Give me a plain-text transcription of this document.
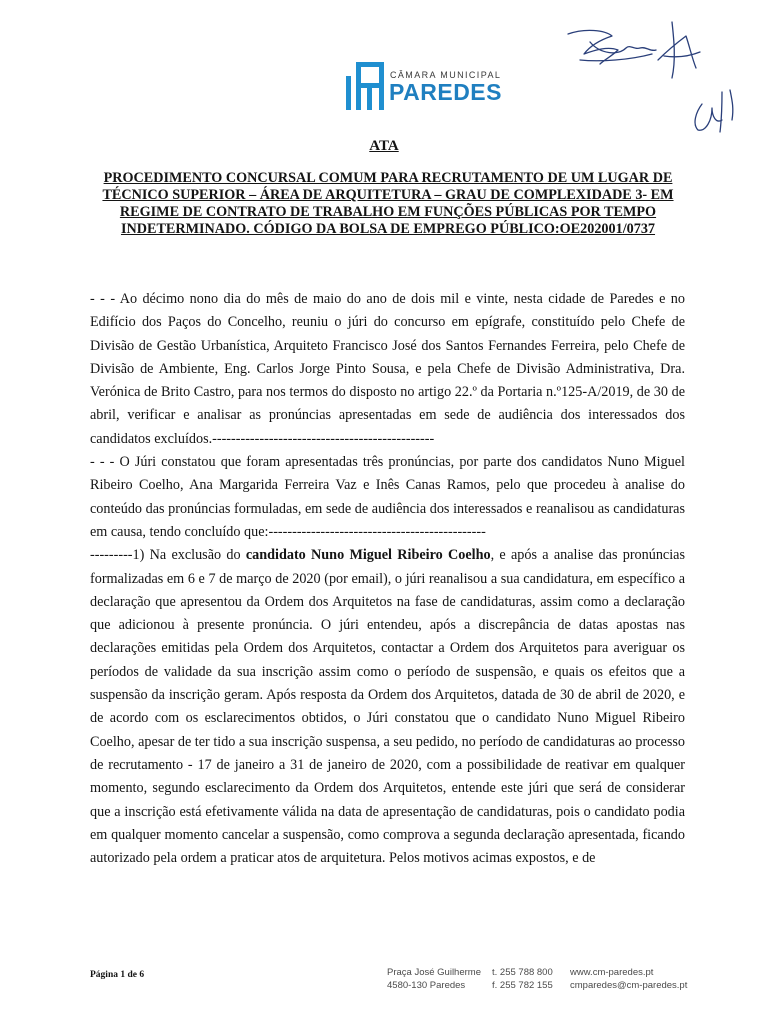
CÂMARA MUNICIPAL
PAREDES
ATA

PROCEDIMENTO CONCURSAL COMUM PARA RECRUTAMENTO DE UM LUGAR DE TÉCNICO SUPERIOR – ÁREA DE ARQUITETURA – GRAU DE COMPLEXIDADE 3- EM REGIME DE CONTRATO DE TRABALHO EM FUNÇÕES PÚBLICAS POR TEMPO INDETERMINADO. CÓDIGO DA BOLSA DE EMPREGO PÚBLICO:OE202001/0737

- - - Ao décimo nono dia do mês de maio do ano de dois mil e vinte, nesta cidade de Paredes e no Edifício dos Paços do Concelho, reuniu o júri do concurso em epígrafe, constituído pelo Chefe de Divisão de Gestão Urbanística, Arquiteto Francisco José dos Santos Fernandes Ferreira, pelo Chefe de Divisão de Ambiente, Eng. Carlos Jorge Pinto Sousa, e pela Chefe de Divisão Administrativa, Dra. Verónica de Brito Castro, para nos termos do disposto no artigo 22.º da Portaria n.º125-A/2019, de 30 de abril, verificar e analisar as pronúncias apresentadas em sede de audiência dos interessados dos candidatos excluídos.-----------------------------------------------

- - - O Júri constatou que foram apresentadas três pronúncias, por parte dos candidatos Nuno Miguel Ribeiro Coelho, Ana Margarida Ferreira Vaz e Inês Canas Ramos, pelo que procedeu à analise do conteúdo das pronúncias formuladas, em sede de audiência dos interessados e reanalisou as candidaturas em causa, tendo concluído que:----------------------------------------------

---------1) Na exclusão do candidato Nuno Miguel Ribeiro Coelho, e após a analise das pronúncias formalizadas em 6 e 7 de março de 2020 (por email), o júri reanalisou a sua candidatura, em específico a declaração que apresentou da Ordem dos Arquitetos na fase de candidaturas, assim como a declaração que adicionou à presente pronúncia. O júri entendeu, após a discrepância de datas apostas nas declarações emitidas pela Ordem dos Arquitetos, contactar a Ordem dos Arquitetos para averiguar os períodos de validade da sua inscrição assim como o período de suspensão, e quais os efeitos que a suspensão da inscrição geram. Após resposta da Ordem dos Arquitetos, datada de 30 de abril de 2020, e de acordo com os esclarecimentos obtidos, o Júri constatou que o candidato Nuno Miguel Ribeiro Coelho, apesar de ter tido a sua inscrição suspensa, a seu pedido, no período de candidaturas ao processo de recrutamento - 17 de janeiro a 31 de janeiro de 2020, com a possibilidade de reativar em qualquer momento, segundo esclarecimento da Ordem dos Arquitetos, entende este júri que será de considerar que a inscrição está efetivamente válida na data de apresentação de candidaturas, pois o candidato podia em qualquer momento cancelar a suspensão, como comprova a segunda declaração apresentada, ficando autorizado pela ordem a praticar atos de arquitetura. Pelos motivos acimas expostos, e de

Página 1 de 6	Praça José Guilherme
4580-130 Paredes
t. 255 788 800
f. 255 782 155
www.cm-paredes.pt
cmparedes@cm-paredes.pt
